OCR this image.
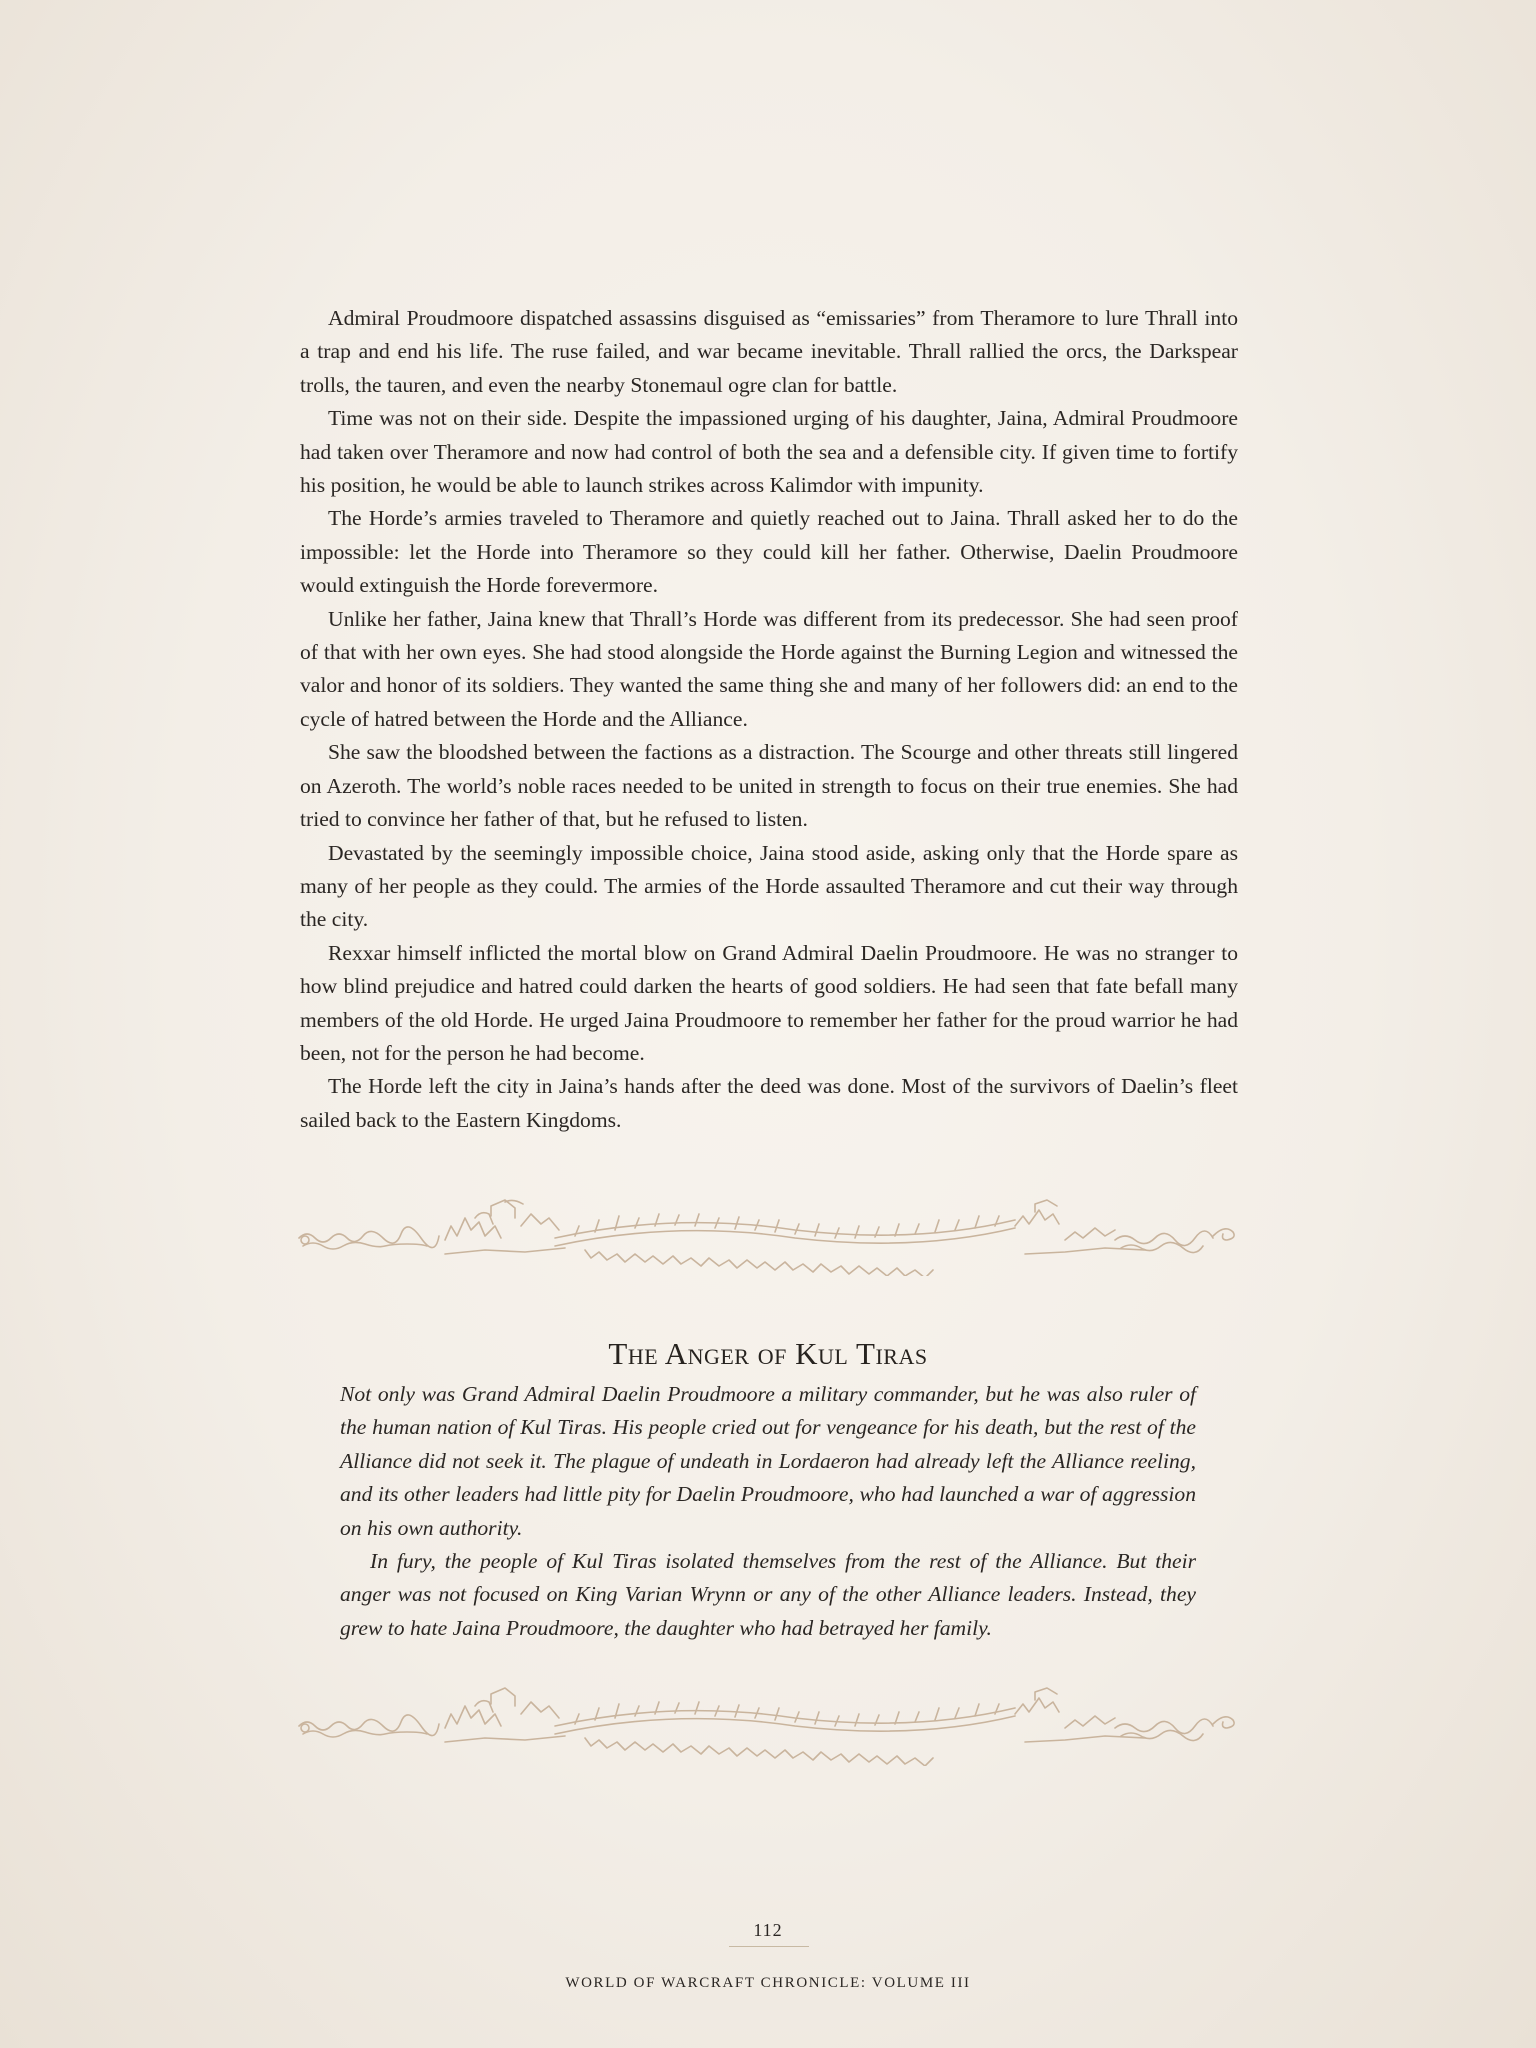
Admiral Proudmoore dispatched assassins disguised as “emissaries” from Theramore to lure Thrall into a trap and end his life. The ruse failed, and war became inevitable. Thrall rallied the orcs, the Darkspear trolls, the tauren, and even the nearby Stonemaul ogre clan for battle.

Time was not on their side. Despite the impassioned urging of his daughter, Jaina, Admiral Proudmoore had taken over Theramore and now had control of both the sea and a defensible city. If given time to fortify his position, he would be able to launch strikes across Kalimdor with impunity.

The Horde’s armies traveled to Theramore and quietly reached out to Jaina. Thrall asked her to do the impossible: let the Horde into Theramore so they could kill her father. Otherwise, Daelin Proudmoore would extinguish the Horde forevermore.

Unlike her father, Jaina knew that Thrall’s Horde was different from its predecessor. She had seen proof of that with her own eyes. She had stood alongside the Horde against the Burning Legion and witnessed the valor and honor of its soldiers. They wanted the same thing she and many of her followers did: an end to the cycle of hatred between the Horde and the Alliance.

She saw the bloodshed between the factions as a distraction. The Scourge and other threats still lingered on Azeroth. The world’s noble races needed to be united in strength to focus on their true enemies. She had tried to convince her father of that, but he refused to listen.

Devastated by the seemingly impossible choice, Jaina stood aside, asking only that the Horde spare as many of her people as they could. The armies of the Horde assaulted Theramore and cut their way through the city.

Rexxar himself inflicted the mortal blow on Grand Admiral Daelin Proudmoore. He was no stranger to how blind prejudice and hatred could darken the hearts of good soldiers. He had seen that fate befall many members of the old Horde. He urged Jaina Proudmoore to remember her father for the proud warrior he had been, not for the person he had become.

The Horde left the city in Jaina’s hands after the deed was done. Most of the survivors of Daelin’s fleet sailed back to the Eastern Kingdoms.

The Anger of Kul Tiras

Not only was Grand Admiral Daelin Proudmoore a military commander, but he was also ruler of the human nation of Kul Tiras. His people cried out for vengeance for his death, but the rest of the Alliance did not seek it. The plague of undeath in Lordaeron had already left the Alliance reeling, and its other leaders had little pity for Daelin Proudmoore, who had launched a war of aggression on his own authority.

In fury, the people of Kul Tiras isolated themselves from the rest of the Alliance. But their anger was not focused on King Varian Wrynn or any of the other Alliance leaders. Instead, they grew to hate Jaina Proudmoore, the daughter who had betrayed her family.

112
WORLD OF WARCRAFT CHRONICLE: VOLUME III
